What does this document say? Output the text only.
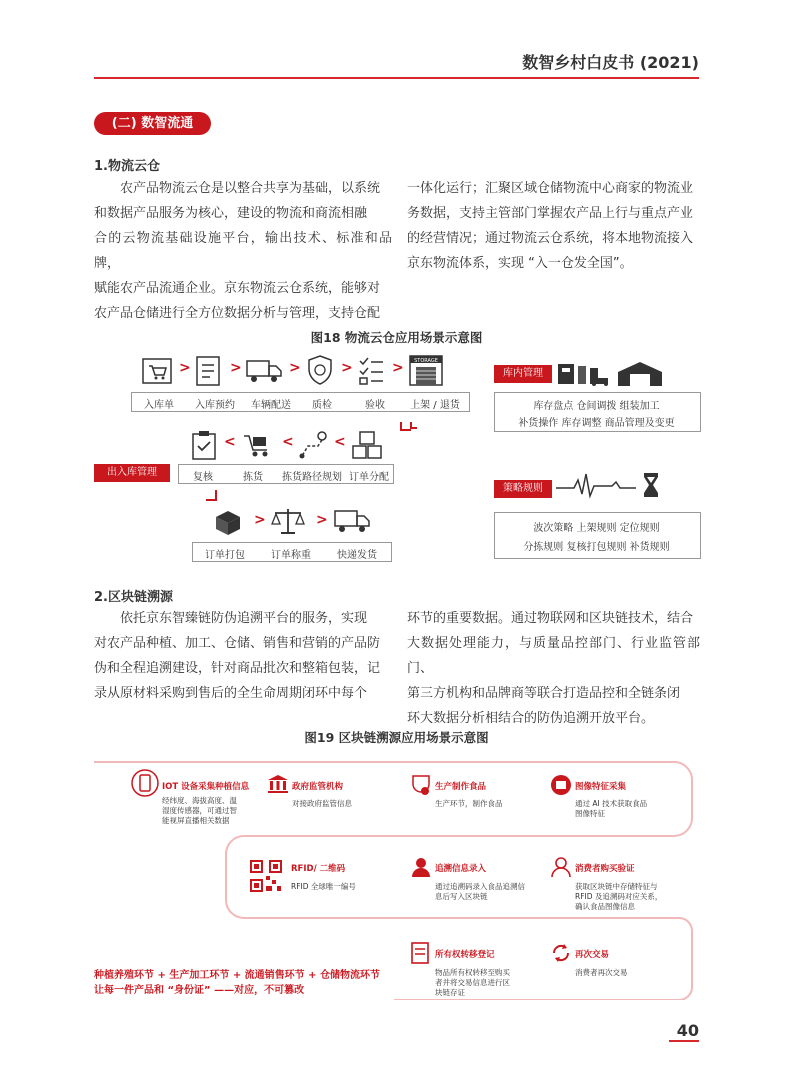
数智乡村白皮书 (2021)
(二) 数智流通
1.物流云仓
农产品物流云仓是以整合共享为基础，以系统
和数据产品服务为核心，建设的物流和商流相融
合的云物流基础设施平台，输出技术、标准和品牌，
赋能农产品流通企业。京东物流云仓系统，能够对
农产品仓储进行全方位数据分析与管理，支持仓配
一体化运行；汇聚区域仓储物流中心商家的物流业
务数据，支持主管部门掌握农产品上行与重点产业
的经营情况；通过物流云仓系统，将本地物流接入
京东物流体系，实现 “入一仓发全国”。
图18 物流云仓应用场景示意图
>	>	>	>	> STORAGE
入库单	入库预约	车辆配送	质检	验收	上架 / 退货
<	<	<
出入库管理	复核	拣货	拣货路径规划 订单分配
>	>
订单打包	订单称重	快递发货
库内管理
库存盘点 仓间调拨 组装加工
补货操作 库存调整 商品管理及变更
策略规则
波次策略 上架规则 定位规则
分拣规则 复核打包规则 补货规则
2.区块链溯源
依托京东智臻链防伪追溯平台的服务，实现
对农产品种植、加工、仓储、销售和营销的产品防
伪和全程追溯建设，针对商品批次和整箱包装，记
录从原材料采购到售后的全生命周期闭环中每个
环节的重要数据。通过物联网和区块链技术，结合
大数据处理能力，与质量品控部门、行业监管部门、
第三方机构和品牌商等联合打造品控和全链条闭
环大数据分析相结合的防伪追溯开放平台。
图19 区块链溯源应用场景示意图
IOT 设备采集种植信息
经纬度、海拔高度、温
湿度传感器，可通过智
能视屏直播相关数据
政府监管机构
对接政府监管信息
生产制作食品
生产环节，制作食品
图像特征采集
通过 AI 技术获取食品
图像特征
RFID/ 二维码
RFID 全球唯一编号
追溯信息录入
通过追溯码录入食品追溯信
息后写入区块链
消费者购买验证
获取区块链中存储特征与
RFID 及追溯码对应关系，
确认食品图像信息
所有权转移登记
物品所有权转移至购买
者并将交易信息进行区
块链存证
再次交易
消费者再次交易
种植养殖环节 + 生产加工环节 + 流通销售环节 + 仓储物流环节
让每一件产品和 “身份证” ——对应，不可篡改
40
